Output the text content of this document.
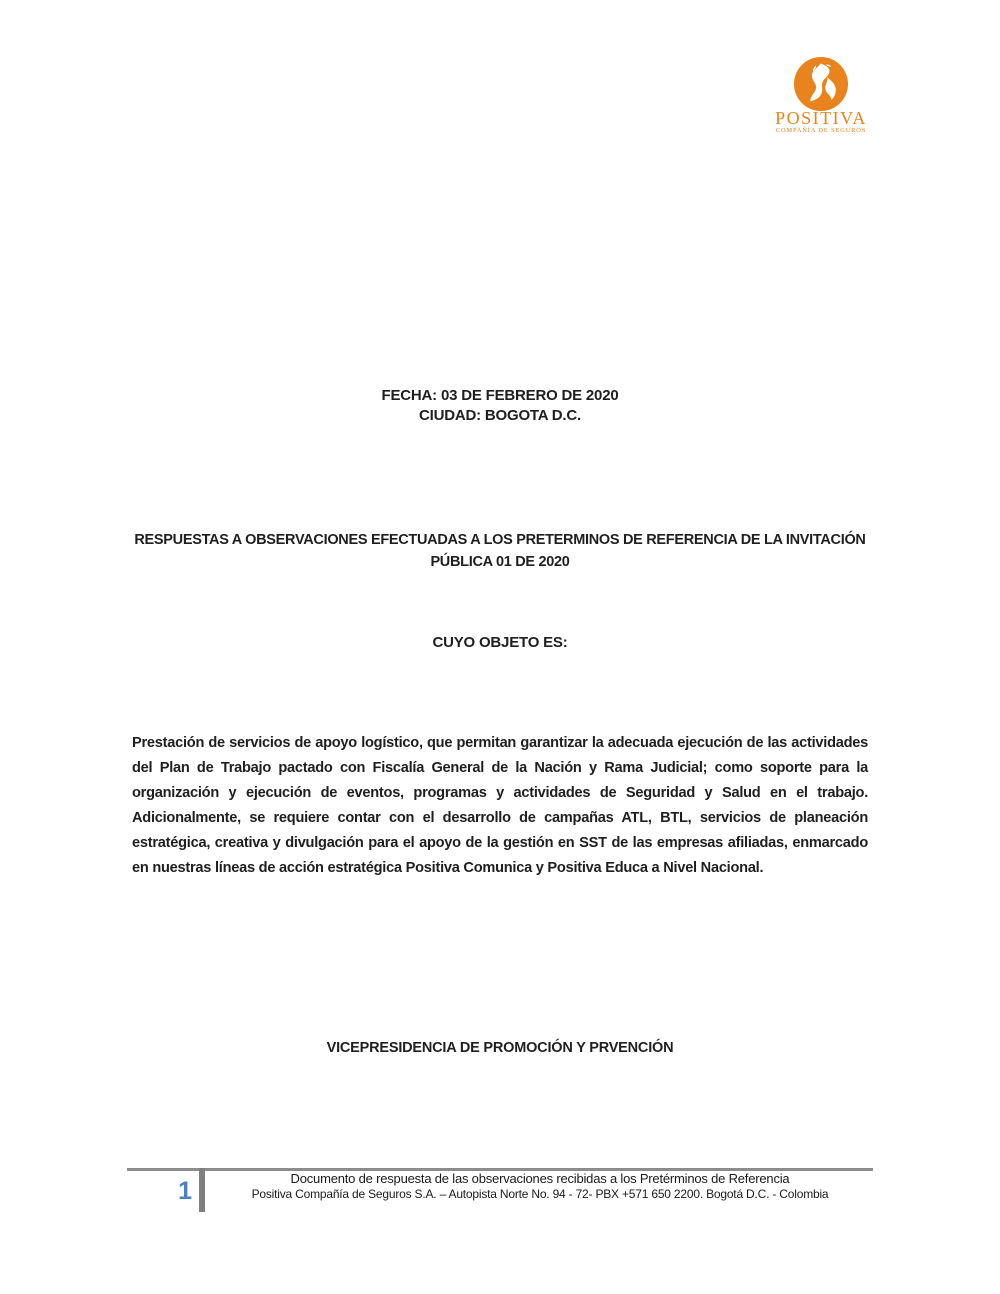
POSITIVA
COMPAÑÍA DE SEGUROS
FECHA: 03 DE FEBRERO DE 2020
CIUDAD: BOGOTA D.C.
RESPUESTAS A OBSERVACIONES EFECTUADAS A LOS PRETERMINOS DE REFERENCIA DE LA INVITACIÓN PÚBLICA 01 DE 2020
CUYO OBJETO ES:

Prestación de servicios de apoyo logístico, que permitan garantizar la adecuada ejecución de las actividades del Plan de Trabajo pactado con Fiscalía General de la Nación y Rama Judicial; como soporte para la organización y ejecución de eventos, programas y actividades de Seguridad y Salud en el trabajo. Adicionalmente, se requiere contar con el desarrollo de campañas ATL, BTL, servicios de planeación estratégica, creativa y divulgación para el apoyo de la gestión en SST de las empresas afiliadas, enmarcado en nuestras líneas de acción estratégica Positiva Comunica y Positiva Educa a Nivel Nacional.

VICEPRESIDENCIA DE PROMOCIÓN Y PRVENCIÓN
1	Documento de respuesta de las observaciones recibidas a los Pretérminos de Referencia
Positiva Compañía de Seguros S.A. – Autopista Norte No. 94 - 72- PBX +571 650 2200. Bogotá D.C. - Colombia
